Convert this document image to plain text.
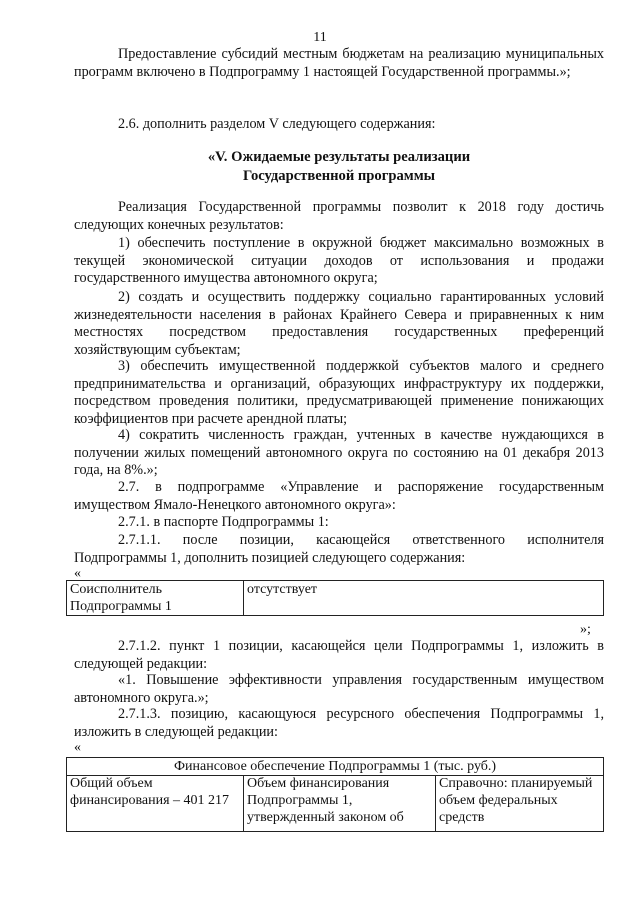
11
Предоставление субсидий местным бюджетам на реализацию муниципальных программ включено в Подпрограмму 1 настоящей Государственной программы.»;
2.6. дополнить разделом V следующего содержания:
«V. Ожидаемые результаты реализации
Государственной программы
Реализация Государственной программы позволит к 2018 году достичь следующих конечных результатов:
1) обеспечить поступление в окружной бюджет максимально возможных в текущей экономической ситуации доходов от использования и продажи государственного имущества автономного округа;
2) создать и осуществить поддержку социально гарантированных условий жизнедеятельности населения в районах Крайнего Севера и приравненных к ним местностях посредством предоставления государственных преференций хозяйствующим субъектам;
3) обеспечить имущественной поддержкой субъектов малого и среднего предпринимательства и организаций, образующих инфраструктуру их поддержки, посредством проведения политики, предусматривающей применение понижающих коэффициентов при расчете арендной платы;
4) сократить численность граждан, учтенных в качестве нуждающихся в получении жилых помещений автономного округа по состоянию на 01 декабря 2013 года, на 8%.»;
2.7. в подпрограмме «Управление и распоряжение государственным имуществом Ямало-Ненецкого автономного округа»:
2.7.1. в паспорте Подпрограммы 1:
2.7.1.1. после позиции, касающейся ответственного исполнителя Подпрограммы 1, дополнить позицией следующего содержания:
«
Соисполнитель Подпрограммы 1	отсутствует
»;
2.7.1.2. пункт 1 позиции, касающейся цели Подпрограммы 1, изложить в следующей редакции:
«1. Повышение эффективности управления государственным имуществом автономного округа.»;
2.7.1.3. позицию, касающуюся ресурсного обеспечения Подпрограммы 1, изложить в следующей редакции:
«
Финансовое обеспечение Подпрограммы 1 (тыс. руб.)
Общий объем финансирования – 401 217	Объем финансирования Подпрограммы 1, утвержденный законом об	Справочно: планируемый объем федеральных средств
